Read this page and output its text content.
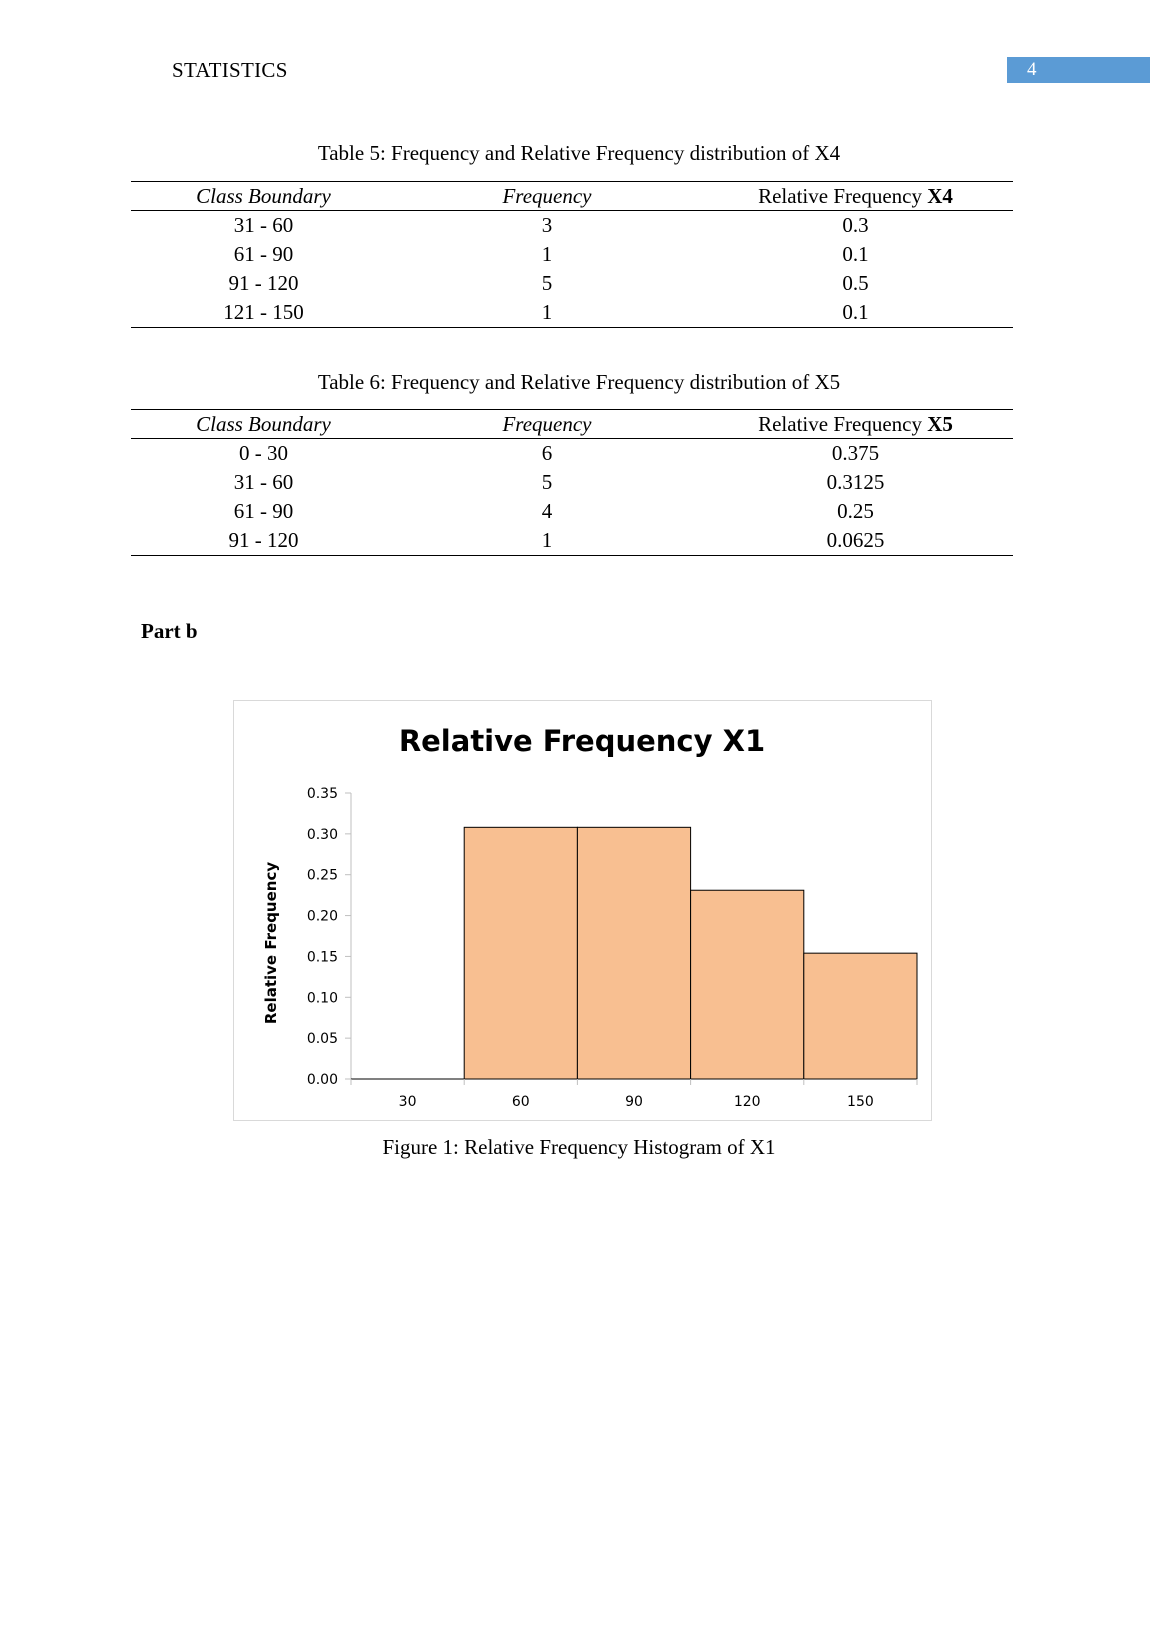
STATISTICS	4
Table 5: Frequency and Relative Frequency distribution of X4
Class Boundary	Frequency	Relative Frequency X4
31 - 60	3	0.3
61 - 90	1	0.1
91 - 120	5	0.5
121 - 150	1	0.1
Table 6: Frequency and Relative Frequency distribution of X5
Class Boundary	Frequency	Relative Frequency X5
0 - 30	6	0.375
31 - 60	5	0.3125
61 - 90	4	0.25
91 - 120	1	0.0625
Part b
Relative Frequency X1
Relative Frequency
0.00
0.05
0.10
0.15
0.20
0.25
0.30
0.35
30	60	90	120	150
Figure 1: Relative Frequency Histogram of X1
